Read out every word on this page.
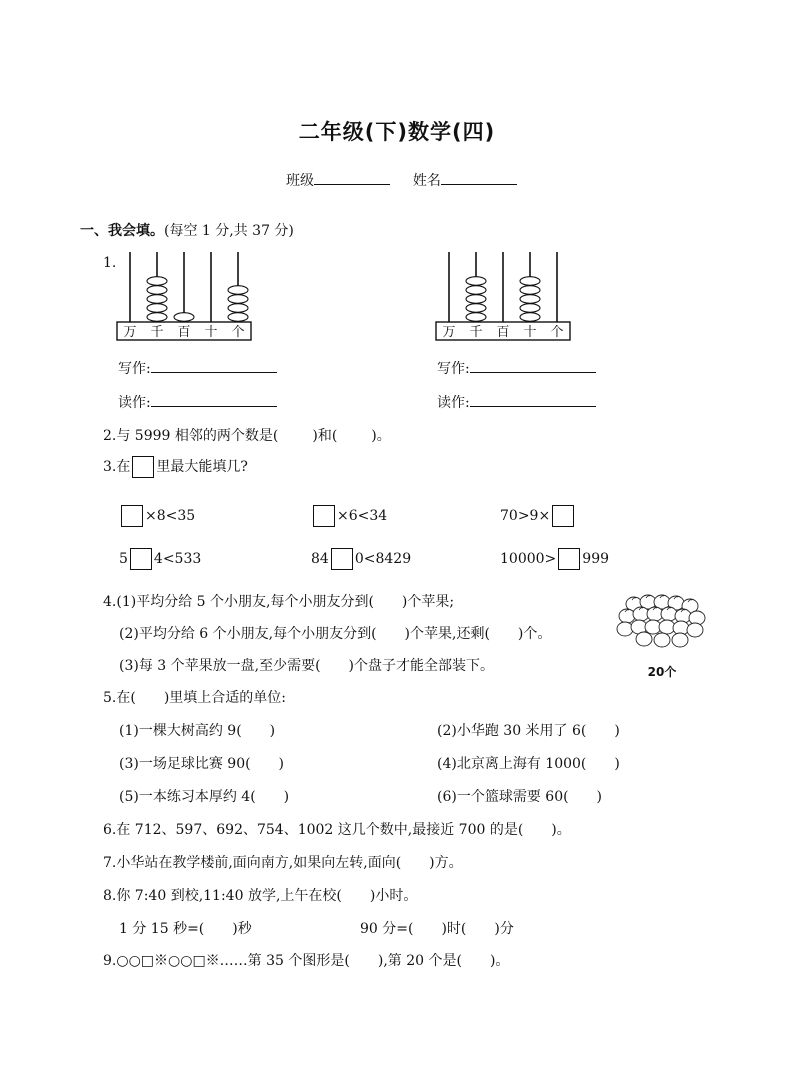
二年级(下)数学(四)
班级	姓名
一、我会填。(每空 1 分,共 37 分)
1.
万 千 百 十 个	万 千 百 十 个
写作:
读作:
写作:
读作:
2.与 5999 相邻的两个数是( )和( )。
3.在 里最大能填几?
×8<35	×6<34	70>9×
5 4<533	84 0<8429	10000> 999
4.(1)平均分给 5 个小朋友,每个小朋友分到(　　)个苹果;
(2)平均分给 6 个小朋友,每个小朋友分到(　　)个苹果,还剩(　　)个。
(3)每 3 个苹果放一盘,至少需要(　　)个盘子才能全部装下。	20个
5.在(　　)里填上合适的单位:
(1)一棵大树高约 9(　　)	(2)小华跑 30 米用了 6(　　)
(3)一场足球比赛 90(　　)	(4)北京离上海有 1000(　　)
(5)一本练习本厚约 4(　　)	(6)一个篮球需要 60(　　)
6.在 712、597、692、754、1002 这几个数中,最接近 700 的是(　　)。
7.小华站在教学楼前,面向南方,如果向左转,面向(　　)方。
8.你 7:40 到校,11:40 放学,上午在校(　　)小时。
1 分 15 秒=(　　)秒	90 分=(　　)时(　　)分
9.○○□※○○□※……第 35 个图形是(　　),第 20 个是(　　)。
